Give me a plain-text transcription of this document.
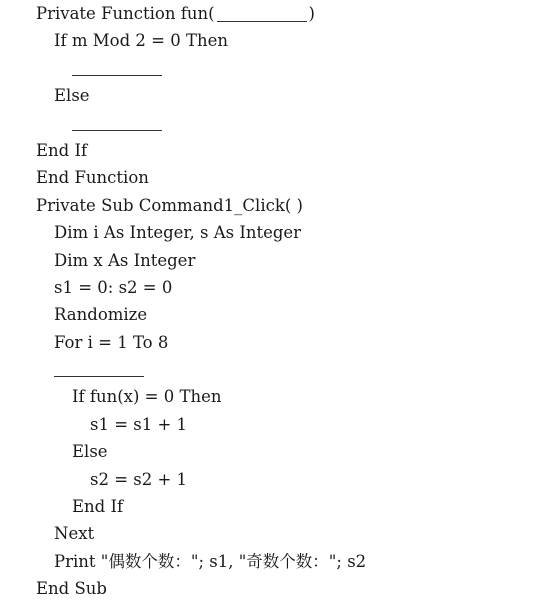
Private Function fun(	)
If m Mod 2 = 0 Then
Else
End If
End Function
Private Sub Command1_Click( )
Dim i As Integer, s As Integer
Dim x As Integer
s1 = 0: s2 = 0
Randomize
For i = 1 To 8
If fun(x) = 0 Then
s1 = s1 + 1
Else
s2 = s2 + 1
End If
Next
Print "偶数个数："; s1, "奇数个数："; s2
End Sub
